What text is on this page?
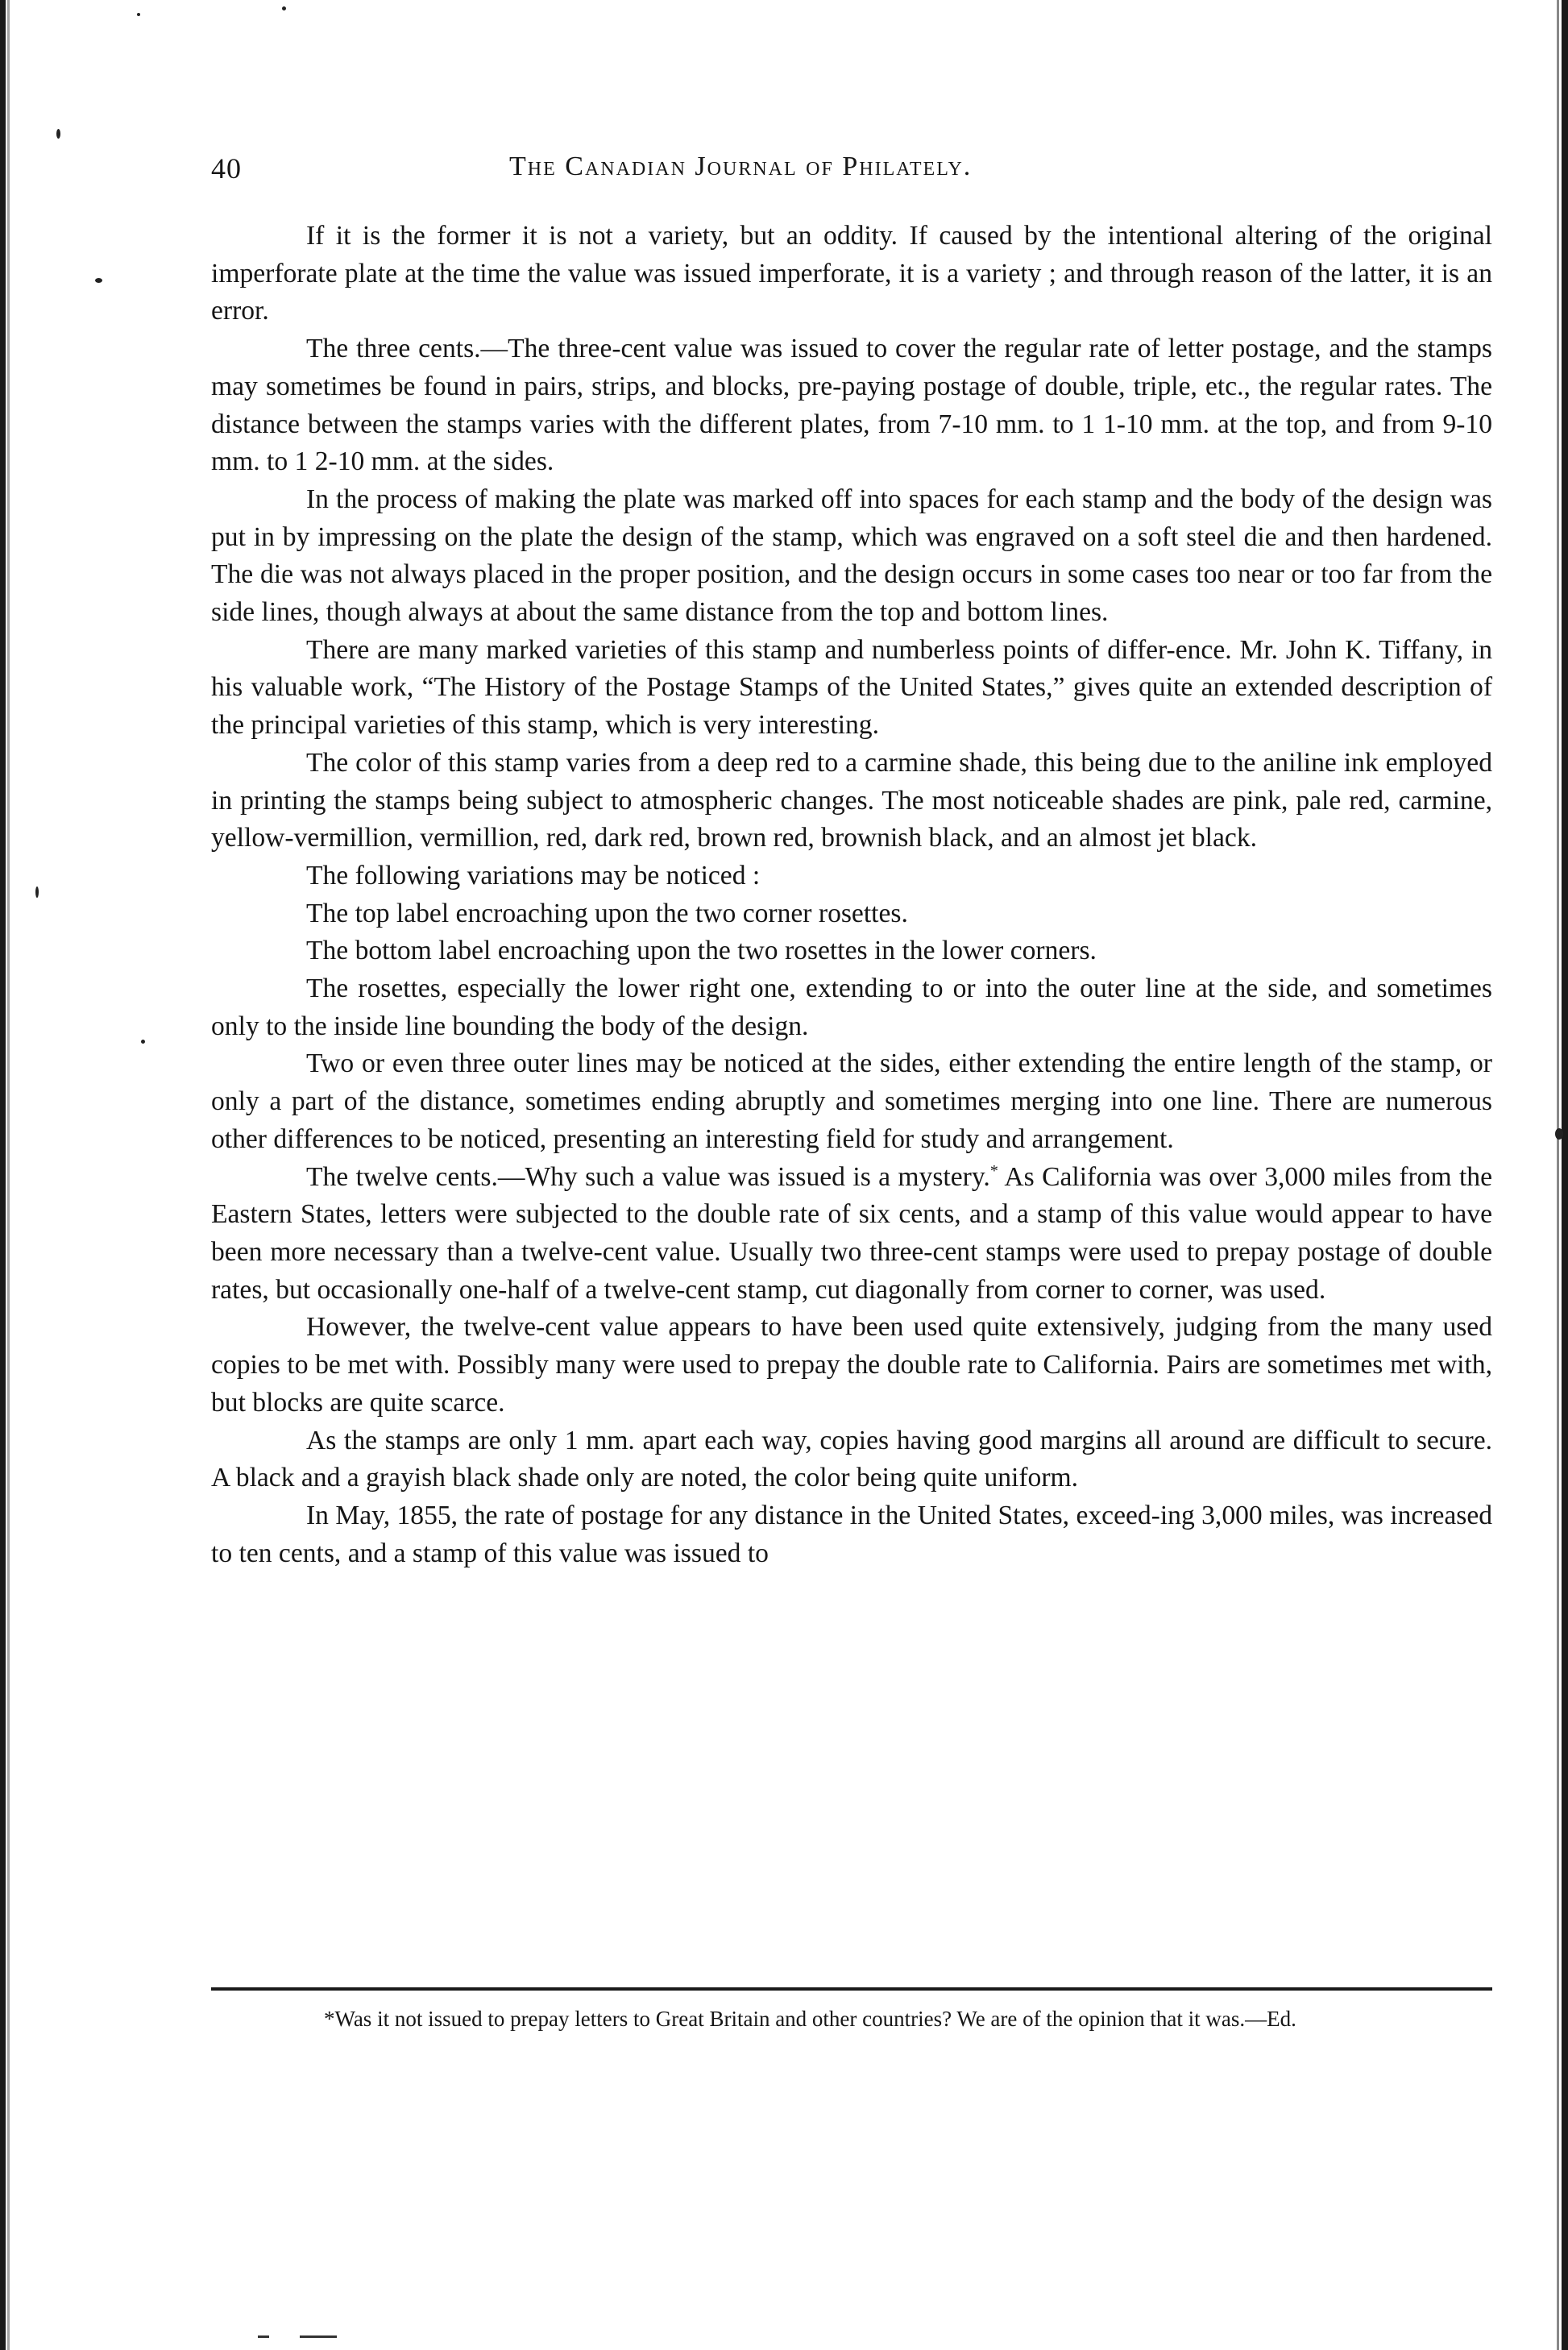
40	The Canadian Journal of Philately.

If it is the former it is not a variety, but an oddity. If caused by the intentional altering of the original imperforate plate at the time the value was issued imperforate, it is a variety ; and through reason of the latter, it is an error.

The three cents.—The three-cent value was issued to cover the regular rate of letter postage, and the stamps may sometimes be found in pairs, strips, and blocks, pre-paying postage of double, triple, etc., the regular rates. The distance between the stamps varies with the different plates, from 7-10 mm. to 1 1-10 mm. at the top, and from 9-10 mm. to 1 2-10 mm. at the sides.

In the process of making the plate was marked off into spaces for each stamp and the body of the design was put in by impressing on the plate the design of the stamp, which was engraved on a soft steel die and then hardened. The die was not always placed in the proper position, and the design occurs in some cases too near or too far from the side lines, though always at about the same distance from the top and bottom lines.

There are many marked varieties of this stamp and numberless points of differ-ence. Mr. John K. Tiffany, in his valuable work, “The History of the Postage Stamps of the United States,” gives quite an extended description of the principal varieties of this stamp, which is very interesting.

The color of this stamp varies from a deep red to a carmine shade, this being due to the aniline ink employed in printing the stamps being subject to atmospheric changes. The most noticeable shades are pink, pale red, carmine, yellow-vermillion, vermillion, red, dark red, brown red, brownish black, and an almost jet black.

The following variations may be noticed :

The top label encroaching upon the two corner rosettes.

The bottom label encroaching upon the two rosettes in the lower corners.

The rosettes, especially the lower right one, extending to or into the outer line at the side, and sometimes only to the inside line bounding the body of the design.

Two or even three outer lines may be noticed at the sides, either extending the entire length of the stamp, or only a part of the distance, sometimes ending abruptly and sometimes merging into one line. There are numerous other differences to be noticed, presenting an interesting field for study and arrangement.

The twelve cents.—Why such a value was issued is a mystery.* As California was over 3,000 miles from the Eastern States, letters were subjected to the double rate of six cents, and a stamp of this value would appear to have been more necessary than a twelve-cent value. Usually two three-cent stamps were used to prepay postage of double rates, but occasionally one-half of a twelve-cent stamp, cut diagonally from corner to corner, was used.

However, the twelve-cent value appears to have been used quite extensively, judging from the many used copies to be met with. Possibly many were used to prepay the double rate to California. Pairs are sometimes met with, but blocks are quite scarce.

As the stamps are only 1 mm. apart each way, copies having good margins all around are difficult to secure. A black and a grayish black shade only are noted, the color being quite uniform.

In May, 1855, the rate of postage for any distance in the United States, exceed-ing 3,000 miles, was increased to ten cents, and a stamp of this value was issued to

*Was it not issued to prepay letters to Great Britain and other countries? We are of the opinion that it was.—Ed.
